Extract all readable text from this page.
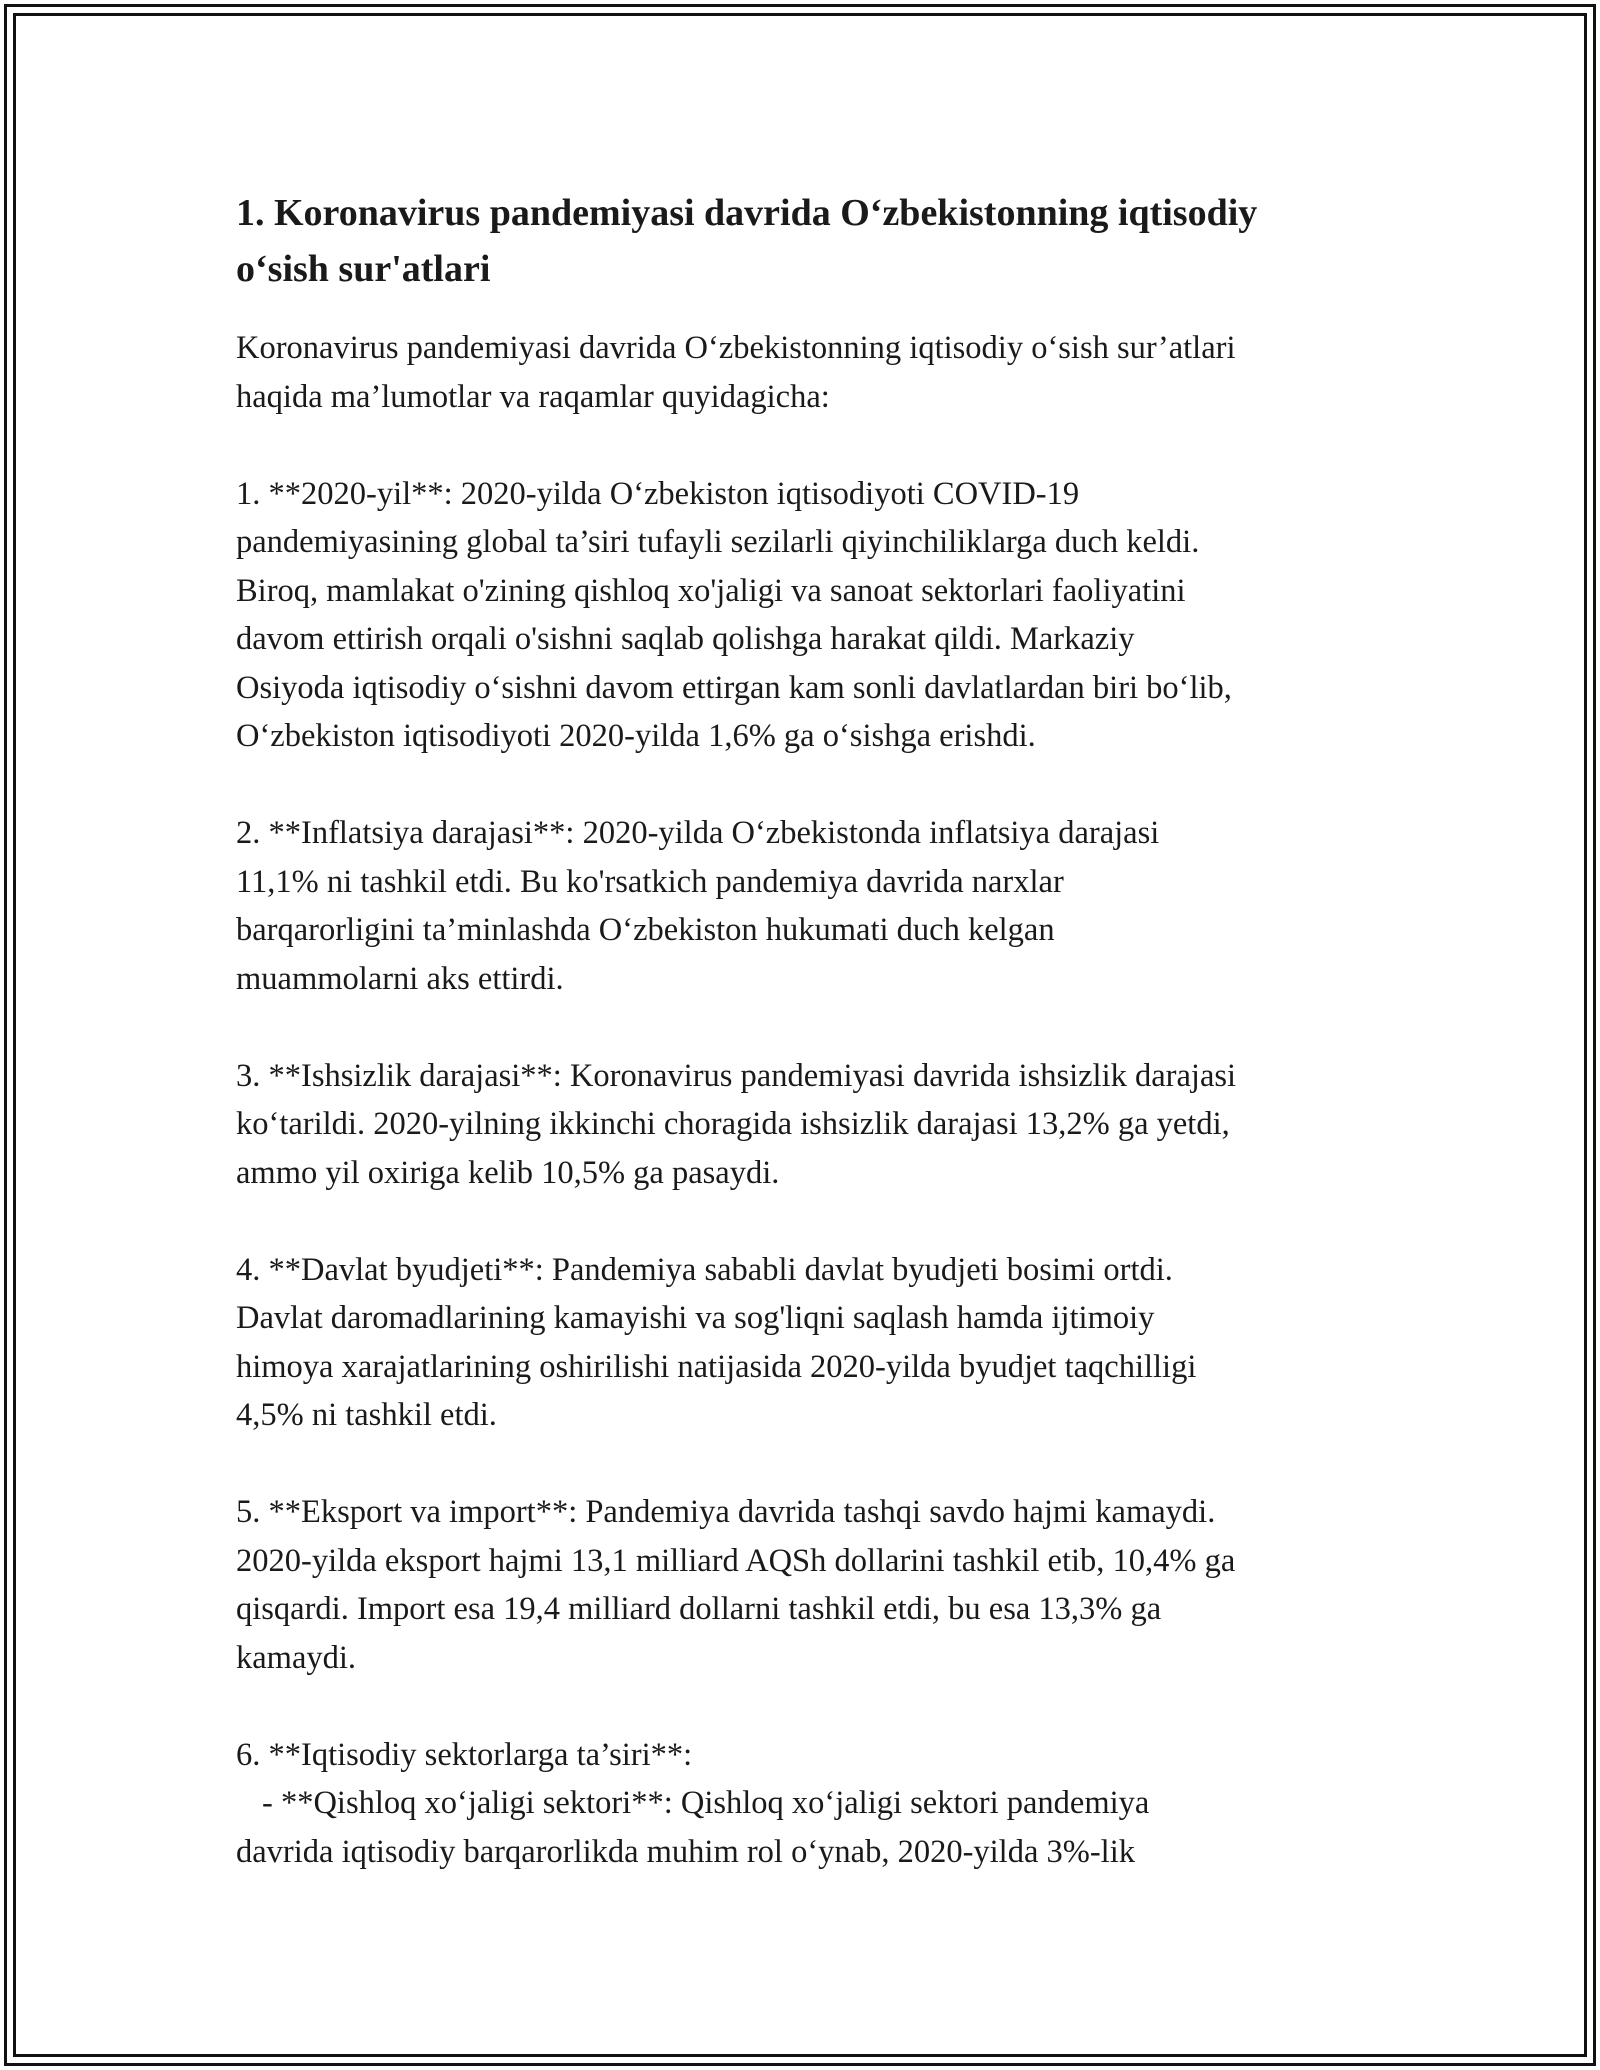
1. Koronavirus pandemiyasi davrida O‘zbekistonning iqtisodiy
o‘sish sur'atlari
Koronavirus pandemiyasi davrida O‘zbekistonning iqtisodiy o‘sish sur’atlari
haqida ma’lumotlar va raqamlar quyidagicha:
1. **2020-yil**: 2020-yilda O‘zbekiston iqtisodiyoti COVID-19
pandemiyasining global ta’siri tufayli sezilarli qiyinchiliklarga duch keldi.
Biroq, mamlakat o'zining qishloq xo'jaligi va sanoat sektorlari faoliyatini
davom ettirish orqali o'sishni saqlab qolishga harakat qildi. Markaziy
Osiyoda iqtisodiy o‘sishni davom ettirgan kam sonli davlatlardan biri bo‘lib,
O‘zbekiston iqtisodiyoti 2020-yilda 1,6% ga o‘sishga erishdi.
2. **Inflatsiya darajasi**: 2020-yilda O‘zbekistonda inflatsiya darajasi
11,1% ni tashkil etdi. Bu ko'rsatkich pandemiya davrida narxlar
barqarorligini ta’minlashda O‘zbekiston hukumati duch kelgan
muammolarni aks ettirdi.
3. **Ishsizlik darajasi**: Koronavirus pandemiyasi davrida ishsizlik darajasi
ko‘tarildi. 2020-yilning ikkinchi choragida ishsizlik darajasi 13,2% ga yetdi,
ammo yil oxiriga kelib 10,5% ga pasaydi.
4. **Davlat byudjeti**: Pandemiya sababli davlat byudjeti bosimi ortdi.
Davlat daromadlarining kamayishi va sog'liqni saqlash hamda ijtimoiy
himoya xarajatlarining oshirilishi natijasida 2020-yilda byudjet taqchilligi
4,5% ni tashkil etdi.
5. **Eksport va import**: Pandemiya davrida tashqi savdo hajmi kamaydi.
2020-yilda eksport hajmi 13,1 milliard AQSh dollarini tashkil etib, 10,4% ga
qisqardi. Import esa 19,4 milliard dollarni tashkil etdi, bu esa 13,3% ga
kamaydi.
6. **Iqtisodiy sektorlarga ta’siri**:
- **Qishloq xo‘jaligi sektori**: Qishloq xo‘jaligi sektori pandemiya
davrida iqtisodiy barqarorlikda muhim rol o‘ynab, 2020-yilda 3%-lik
